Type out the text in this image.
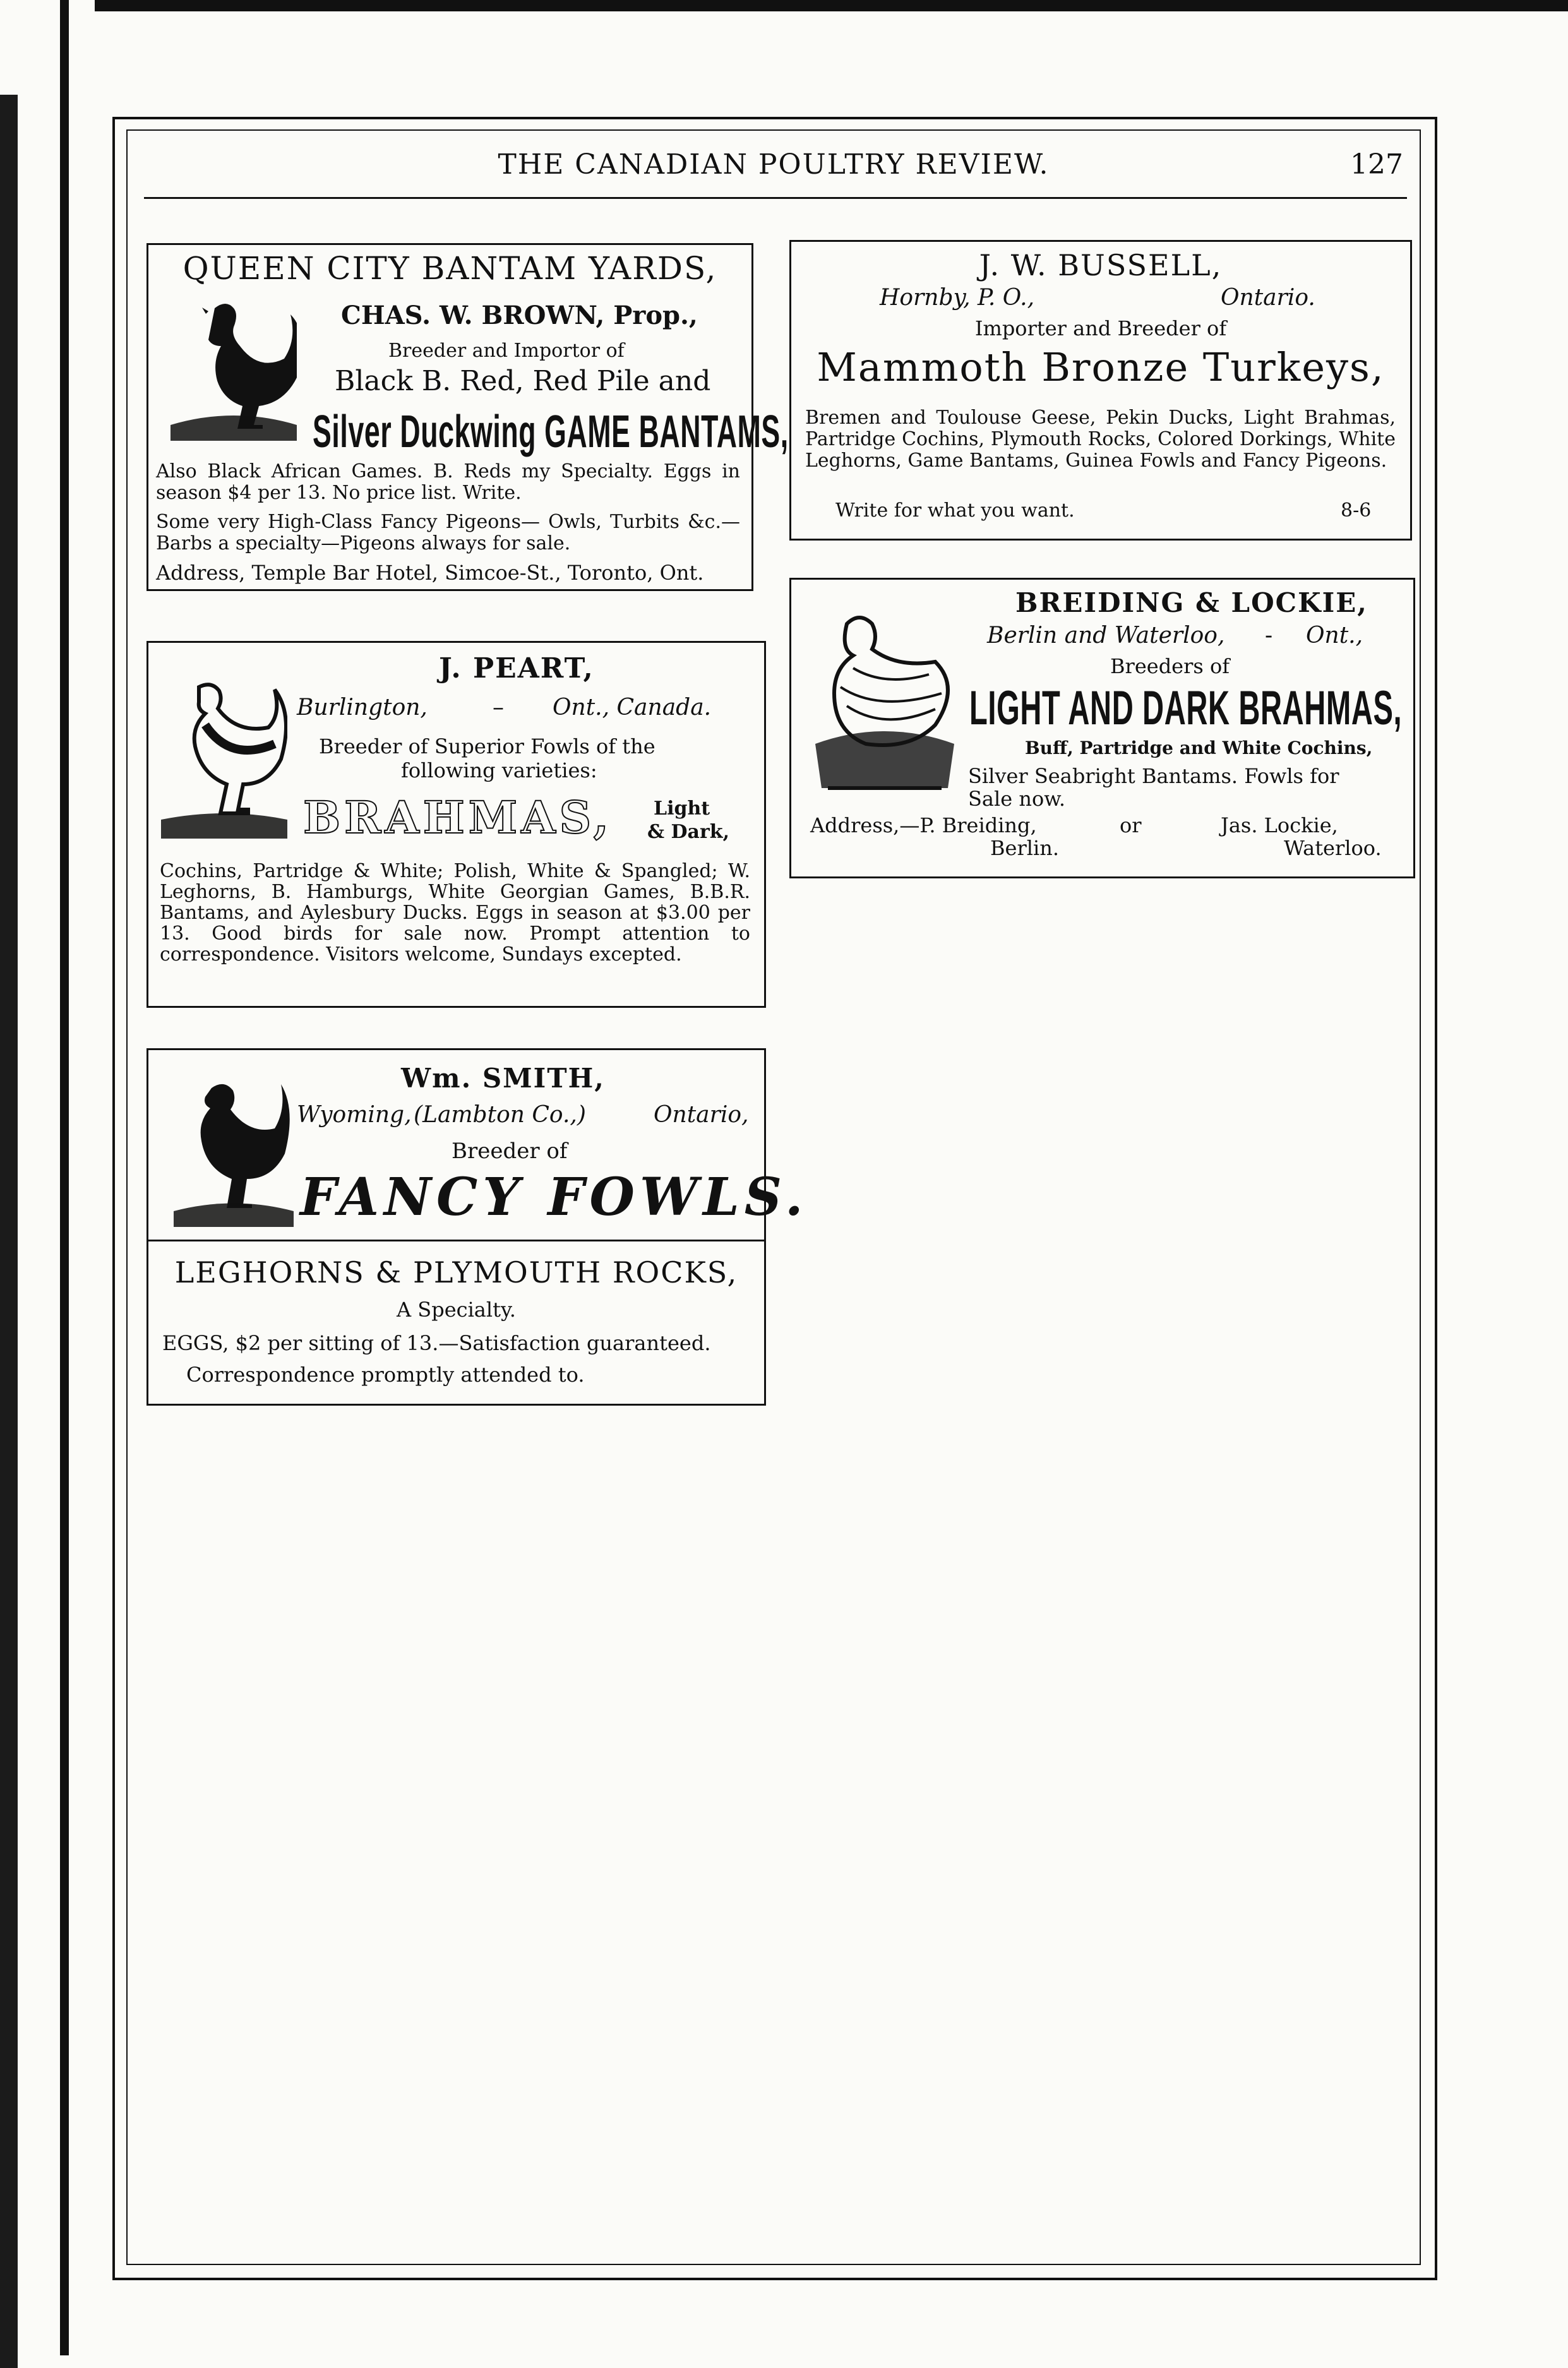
THE CANADIAN POULTRY REVIEW.	127
QUEEN CITY BANTAM YARDS,
CHAS. W. BROWN, Prop.,
Breeder and Importor of
Black B. Red, Red Pile and
Silver Duckwing GAME BANTAMS,
Also Black African Games. B. Reds my Specialty. Eggs in season $4 per 13. No price list. Write.
Some very High-Class Fancy Pigeons— Owls, Turbits &c.—Barbs a specialty—Pigeons always for sale.
Address, Temple Bar Hotel, Simcoe-St., Toronto, Ont.
J. W. BUSSELL,
Hornby, P. O.,	Ontario.
Importer and Breeder of
Mammoth Bronze Turkeys,
Bremen and Toulouse Geese, Pekin Ducks, Light Brahmas, Partridge Cochins, Plymouth Rocks, Colored Dorkings, White Leghorns, Game Bantams, Guinea Fowls and Fancy Pigeons.
Write for what you want.	8-6
J. PEART,
Burlington,	– Ont., Canada.
Breeder of Superior Fowls of the
following varieties:
BRAHMAS, Light
& Dark,
Cochins, Partridge & White; Polish, White & Spangled; W. Leghorns, B. Hamburgs, White Georgian Games, B.B.R. Bantams, and Aylesbury Ducks. Eggs in season at $3.00 per 13. Good birds for sale now. Prompt attention to correspondence. Visitors welcome, Sundays excepted.
BREIDING & LOCKIE,
Berlin and Waterloo, - Ont.,
Breeders of
LIGHT AND DARK BRAHMAS,
Buff, Partridge and White Cochins,
Silver Seabright Bantams. Fowls for
Sale now.
Address,—P. Breiding,	or	Jas. Lockie,
Berlin.	Waterloo.
Wm. SMITH,
Wyoming, (Lambton Co.,)	Ontario,
Breeder of
FANCY FOWLS.
LEGHORNS & PLYMOUTH ROCKS,
A Specialty.
EGGS, $2 per sitting of 13.—Satisfaction guaranteed.
Correspondence promptly attended to.
